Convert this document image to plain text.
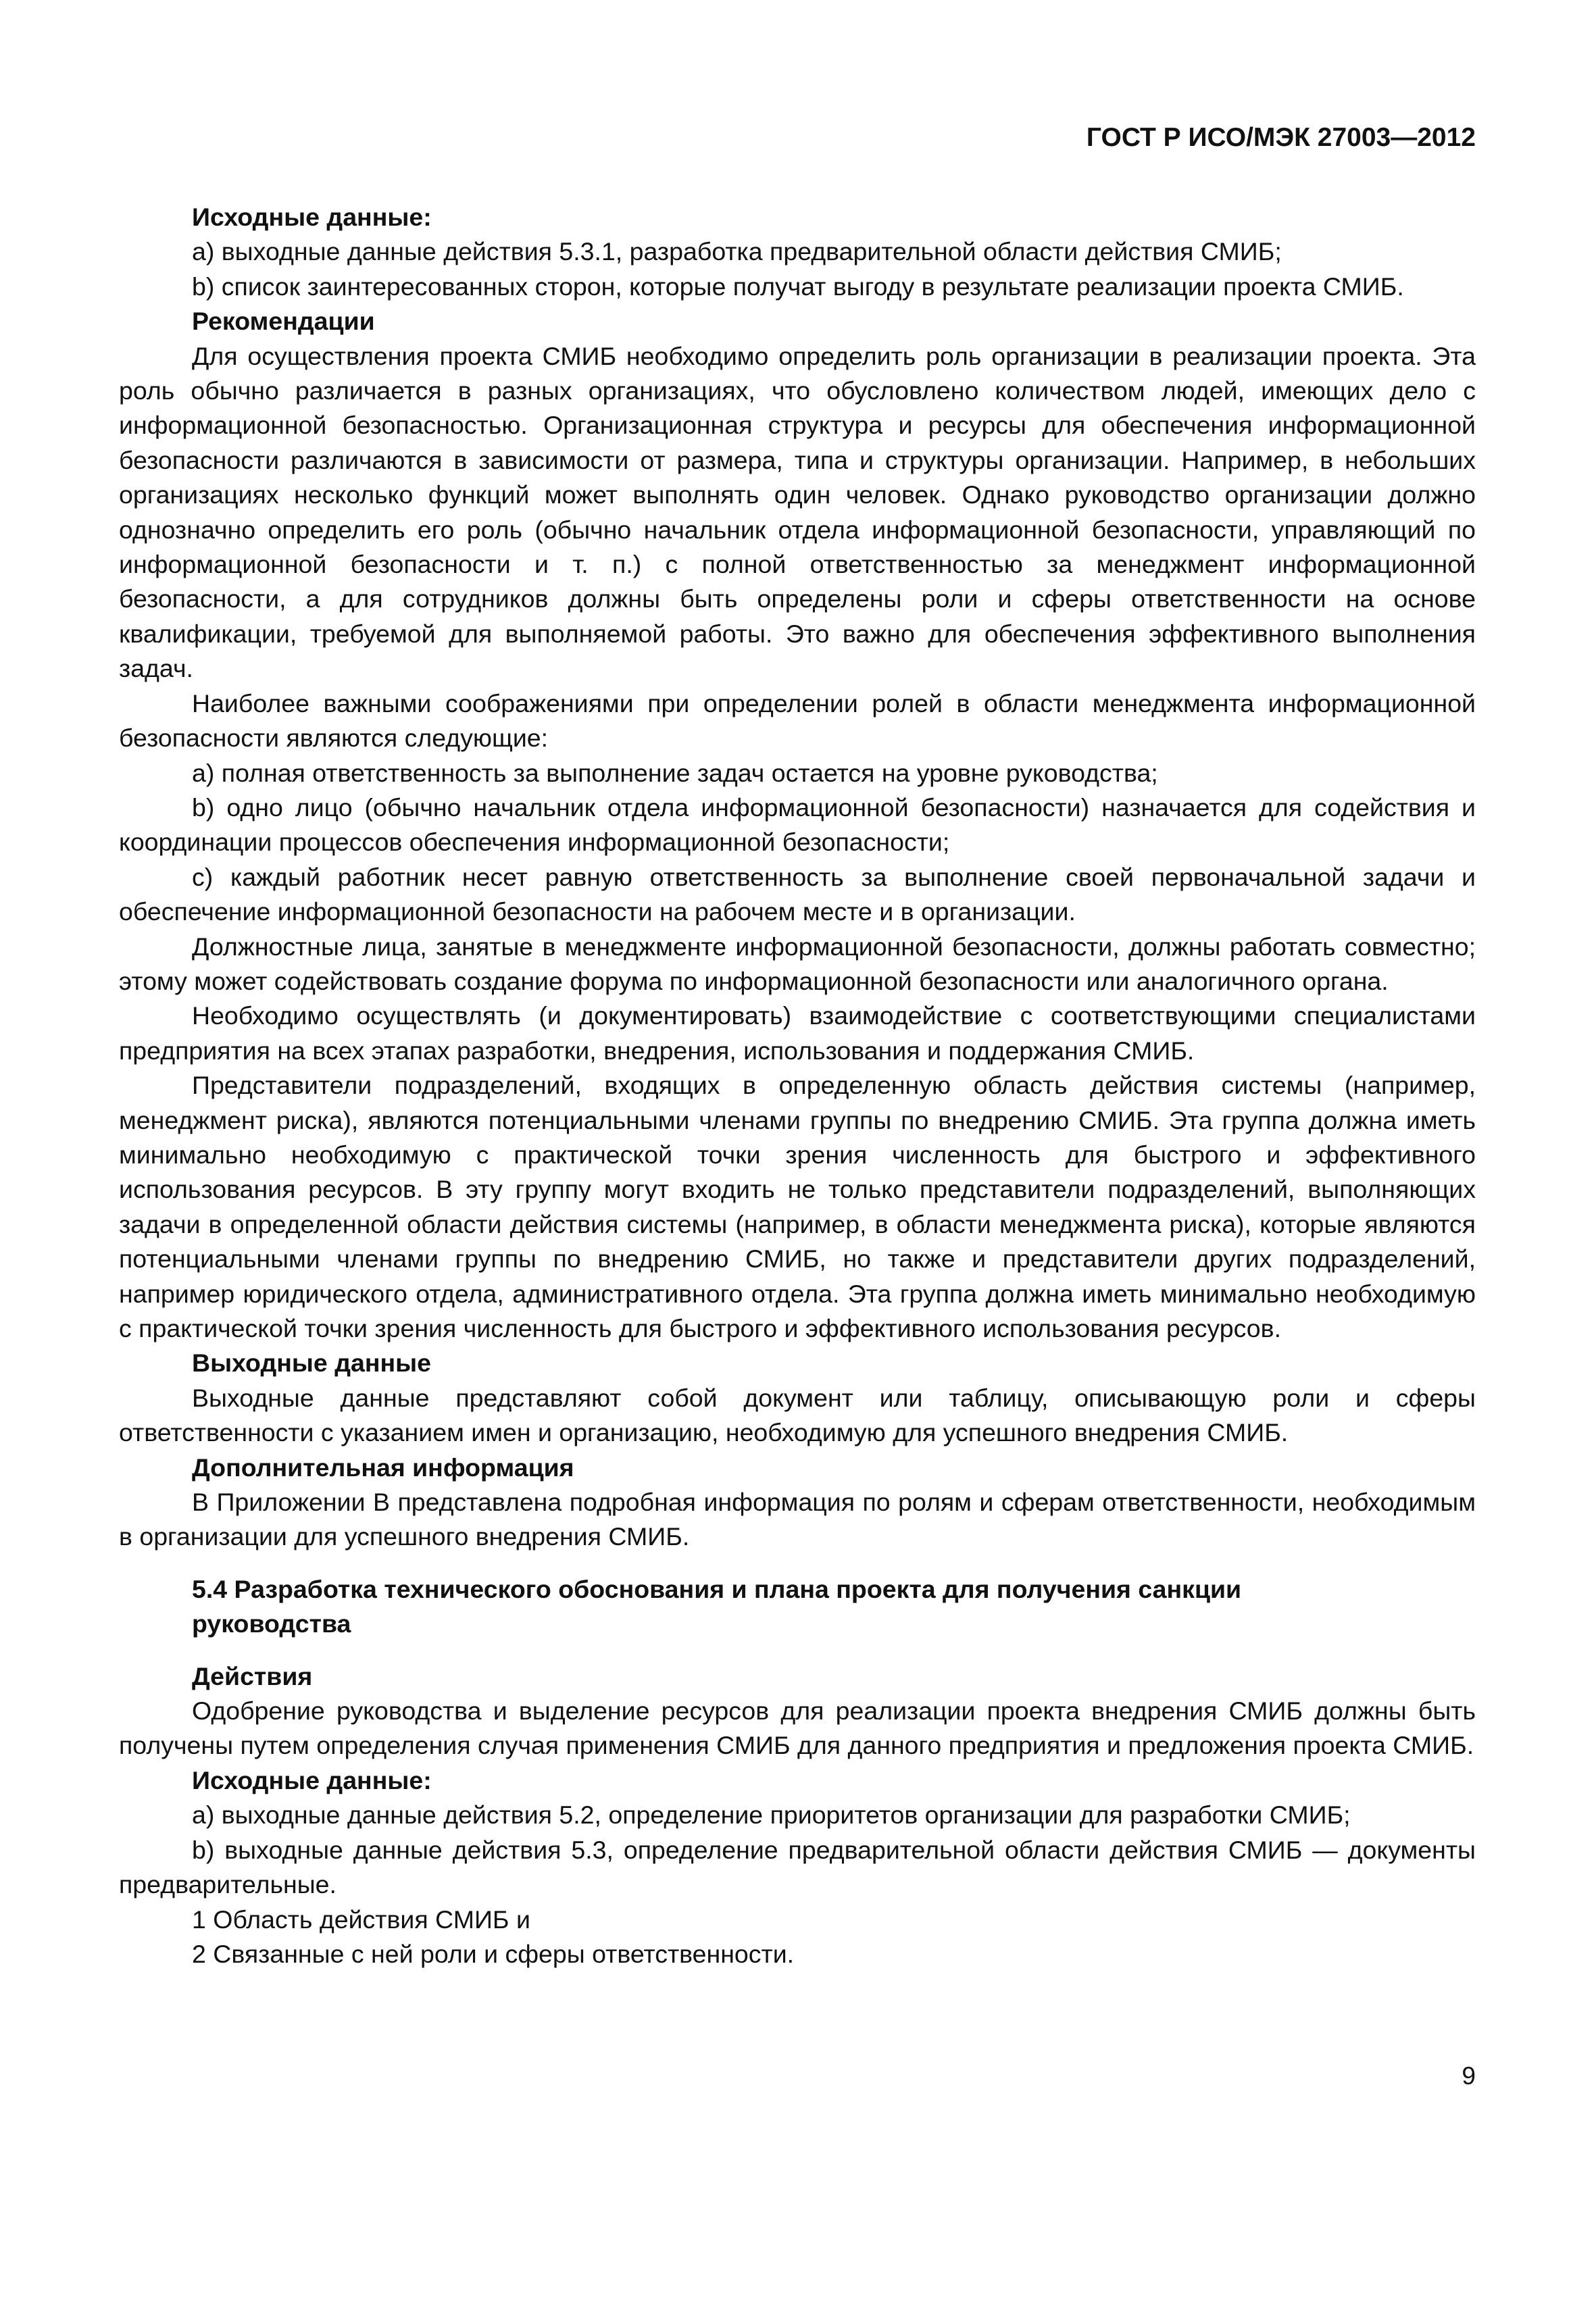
ГОСТ Р ИСО/МЭК 27003—2012

Исходные данные:

а) выходные данные действия 5.3.1, разработка предварительной области действия СМИБ;

b) список заинтересованных сторон, которые получат выгоду в результате реализации проекта СМИБ.

Рекомендации

Для осуществления проекта СМИБ необходимо определить роль организации в реализации проекта. Эта роль обычно различается в разных организациях, что обусловлено количеством людей, имеющих дело с информационной безопасностью. Организационная структура и ресурсы для обеспечения информационной безопасности различаются в зависимости от размера, типа и структуры организации. Например, в небольших организациях несколько функций может выполнять один человек. Однако руководство организации должно однозначно определить его роль (обычно начальник отдела информационной безопасности, управляющий по информационной безопасности и т. п.) с полной ответственностью за менеджмент информационной безопасности, а для сотрудников должны быть определены роли и сферы ответственности на основе квалификации, требуемой для выполняемой работы. Это важно для обеспечения эффективного выполнения задач.

Наиболее важными соображениями при определении ролей в области менеджмента информационной безопасности являются следующие:

а) полная ответственность за выполнение задач остается на уровне руководства;

b) одно лицо (обычно начальник отдела информационной безопасности) назначается для содействия и координации процессов обеспечения информационной безопасности;

с) каждый работник несет равную ответственность за выполнение своей первоначальной задачи и обеспечение информационной безопасности на рабочем месте и в организации.

Должностные лица, занятые в менеджменте информационной безопасности, должны работать совместно; этому может содействовать создание форума по информационной безопасности или аналогичного органа.

Необходимо осуществлять (и документировать) взаимодействие с соответствующими специалистами предприятия на всех этапах разработки, внедрения, использования и поддержания СМИБ.

Представители подразделений, входящих в определенную область действия системы (например, менеджмент риска), являются потенциальными членами группы по внедрению СМИБ. Эта группа должна иметь минимально необходимую с практической точки зрения численность для быстрого и эффективного использования ресурсов. В эту группу могут входить не только представители подразделений, выполняющих задачи в определенной области действия системы (например, в области менеджмента риска), которые являются потенциальными членами группы по внедрению СМИБ, но также и представители других подразделений, например юридического отдела, административного отдела. Эта группа должна иметь минимально необходимую с практической точки зрения численность для быстрого и эффективного использования ресурсов.

Выходные данные

Выходные данные представляют собой документ или таблицу, описывающую роли и сферы ответственности с указанием имен и организацию, необходимую для успешного внедрения СМИБ.

Дополнительная информация

В Приложении В представлена подробная информация по ролям и сферам ответственности, необходимым в организации для успешного внедрения СМИБ.

5.4 Разработка технического обоснования и плана проекта для получения санкции руководства

Действия

Одобрение руководства и выделение ресурсов для реализации проекта внедрения СМИБ должны быть получены путем определения случая применения СМИБ для данного предприятия и предложения проекта СМИБ.

Исходные данные:

а) выходные данные действия 5.2, определение приоритетов организации для разработки СМИБ;

b) выходные данные действия 5.3, определение предварительной области действия СМИБ — документы предварительные.

1 Область действия СМИБ и

2 Связанные с ней роли и сферы ответственности.

9
